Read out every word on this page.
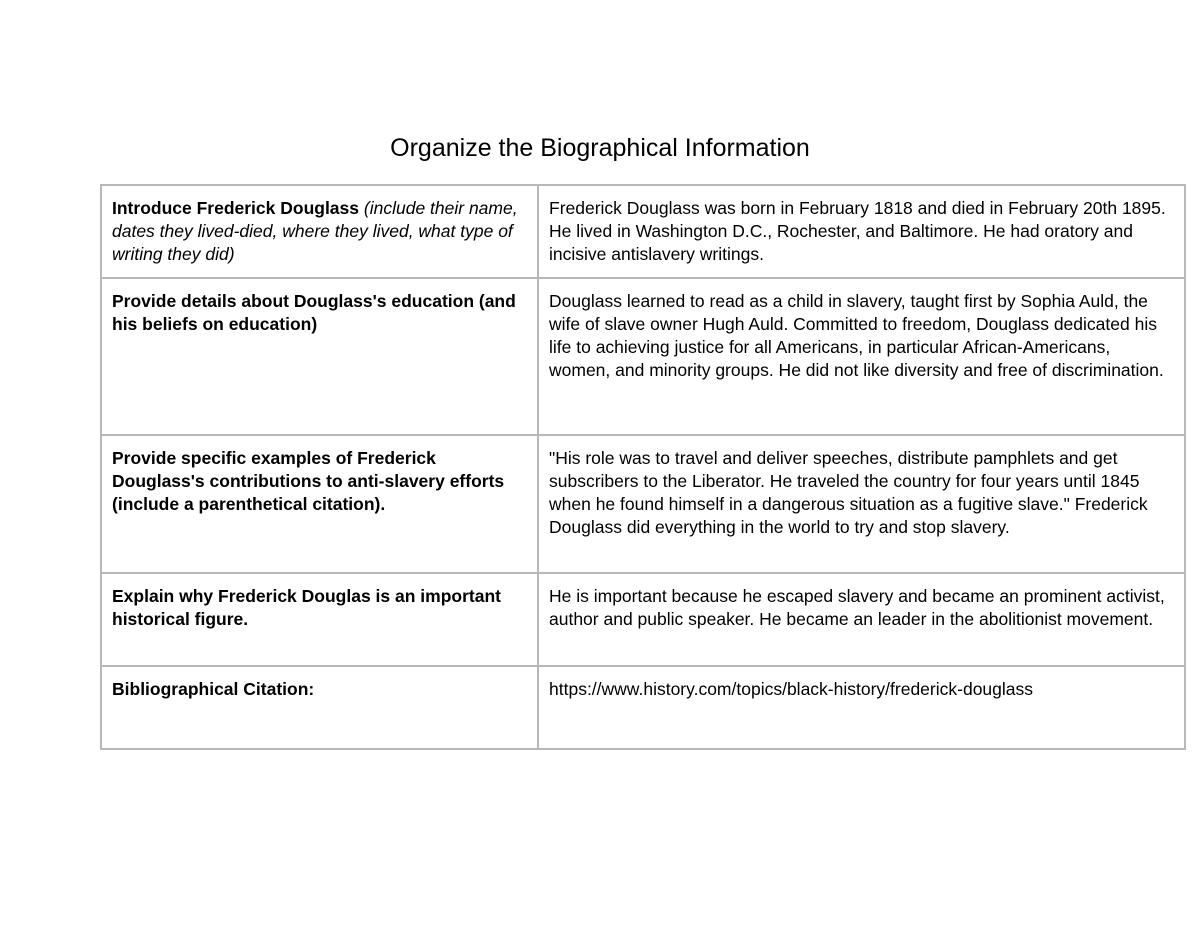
Organize the Biographical Information
Introduce Frederick Douglass (include their name, dates they lived-died, where they lived, what type of writing they did)	Frederick Douglass was born in February 1818 and died in February 20th 1895. He lived in Washington D.C., Rochester, and Baltimore. He had oratory and incisive antislavery writings.
Provide details about Douglass's education (and his beliefs on education)	Douglass learned to read as a child in slavery, taught first by Sophia Auld, the wife of slave owner Hugh Auld. Committed to freedom, Douglass dedicated his life to achieving justice for all Americans, in particular African-Americans, women, and minority groups. He did not like diversity and free of discrimination.
Provide specific examples of Frederick Douglass's contributions to anti-slavery efforts (include a parenthetical citation).	"His role was to travel and deliver speeches, distribute pamphlets and get subscribers to the Liberator. He traveled the country for four years until 1845 when he found himself in a dangerous situation as a fugitive slave." Frederick Douglass did everything in the world to try and stop slavery.
Explain why Frederick Douglas is an important historical figure.	He is important because he escaped slavery and became an prominent activist, author and public speaker. He became an leader in the abolitionist movement.
Bibliographical Citation:	https://www.history.com/topics/black-history/frederick-douglass
